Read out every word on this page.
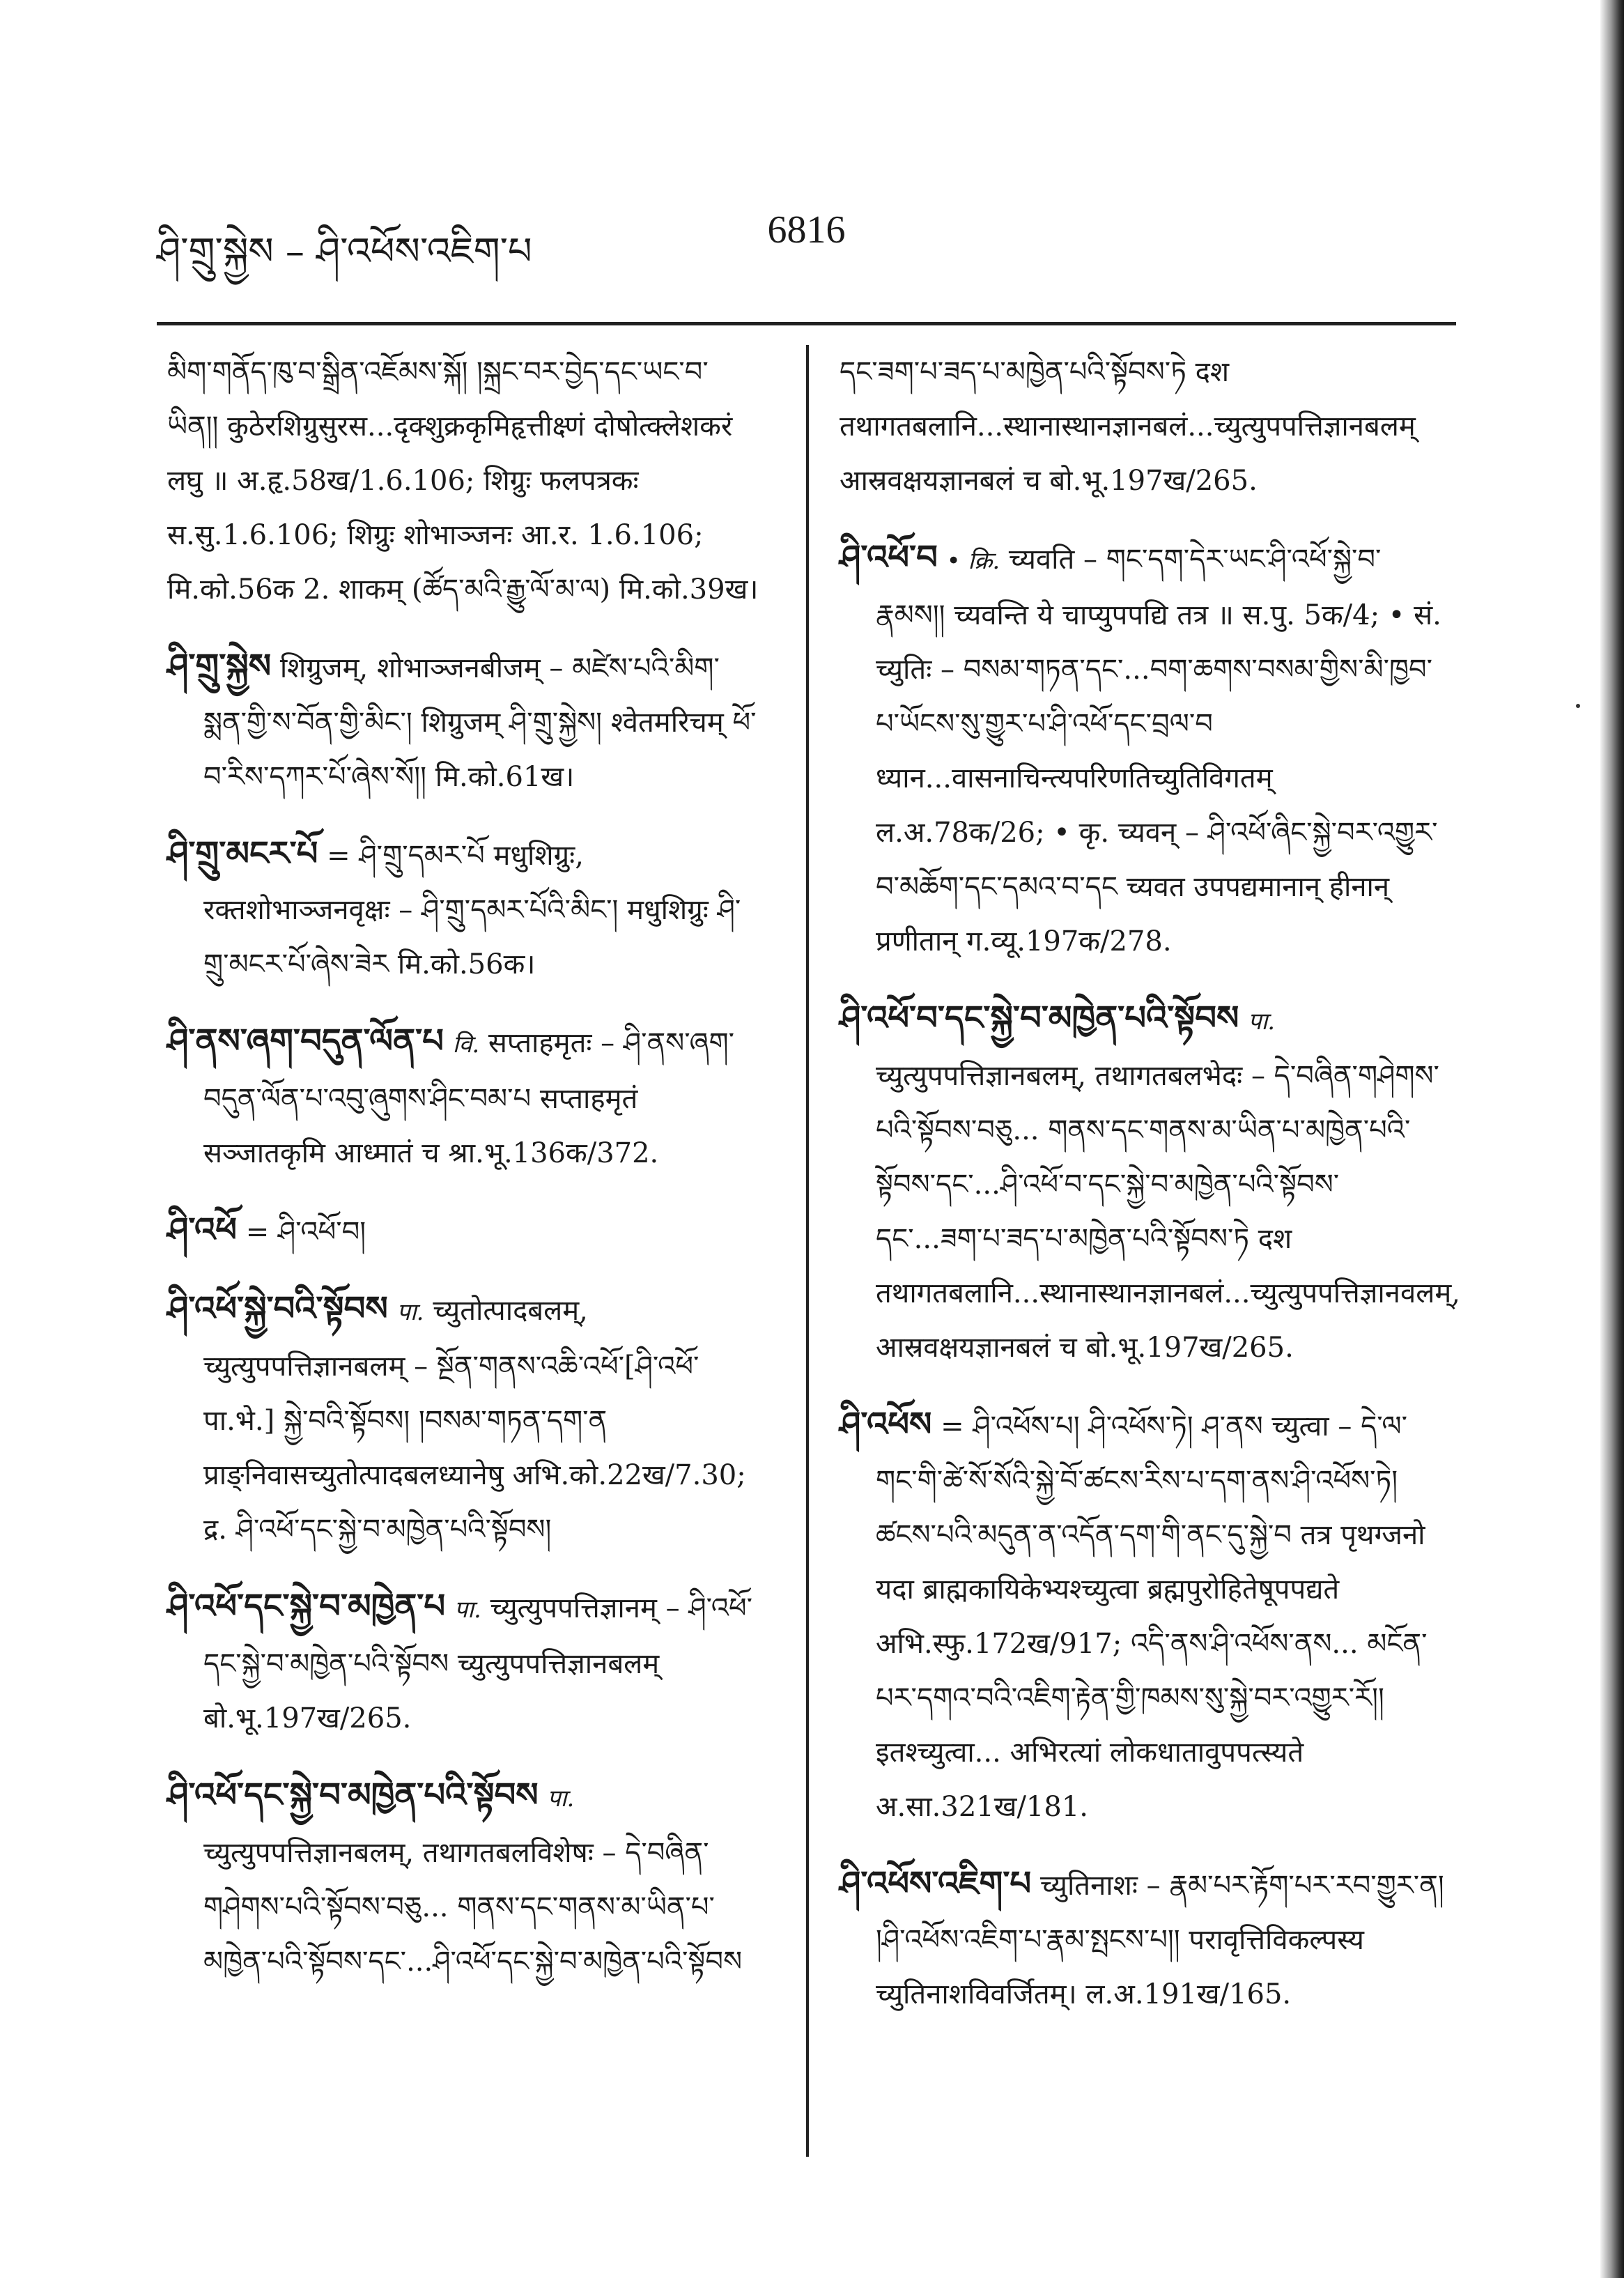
ཤི་གྲུ་སྐྱེས – ཤི་འཕོས་འཇིག་པ	6816
མིག་གནོད་ཁུ་བ་སྒྲིན་འཇོམས་སྐོ། །སྐྲང་བར་བྱེད་དང་ཡང་བ་ཡིན།། कुठेरशिग्रुसुरस...दृक्शुक्रकृमिहृत्तीक्ष्णं दोषोत्क्लेशकरं लघु ॥ अ.हृ.58ख/1.6.106; शिग्रुः फलपत्रकः स.सु.1.6.106; शिग्रुः शोभाञ्जनः आ.र. 1.6.106; मि.को.56क 2. शाकम् (ཚོད་མའི་རྒྱུ་ལོ་མ་ལ) मि.को.39ख।
ཤི་གྲུ་སྐྱེས शिग्रुजम्, शोभाञ्जनबीजम् – མཛེས་པའི་མིག་སྨན་གྱི་ས་བོན་གྱི་མིང་། शिग्रुजम् ཤི་གྲུ་སྐྱེས། श्वेतमरिचम् ཕོ་བ་རིས་དཀར་པོ་ཞེས་སོ།། मि.को.61ख।
ཤི་གྲུ་མངར་པོ = ཤི་གྲུ་དམར་པོ मधुशिग्रुः, रक्तशोभाञ्जनवृक्षः – ཤི་གྲུ་དམར་པོའི་མིང་། मधुशिग्रुः ཤི་གྲུ་མངར་པོ་ཞེས་ཟེར मि.को.56क।
ཤི་ནས་ཞག་བདུན་ལོན་པ वि. सप्ताहमृतः – ཤི་ནས་ཞག་བདུན་ལོན་པ་འབུ་ཞུགས་ཤིང་བམ་པ सप्ताहमृतं सञ्जातकृमि आध्मातं च श्रा.भू.136क/372.
ཤི་འཕོ = ཤི་འཕོ་བ།
ཤི་འཕོ་སྐྱེ་བའི་སྟོབས पा. च्युतोत्पादबलम्, च्युत्युपपत्तिज्ञानबलम् – སྔོན་གནས་འཆི་འཕོ་[ཤི་འཕོ་ पा.भे.] སྐྱེ་བའི་སྟོབས། །བསམ་གཏན་དག་ན प्राङ्निवासच्युतोत्पादबलध्यानेषु अभि.को.22ख/7.30; द्र. ཤི་འཕོ་དང་སྐྱེ་བ་མཁྱེན་པའི་སྟོབས།
ཤི་འཕོ་དང་སྐྱེ་བ་མཁྱེན་པ पा. च्युत्युपपत्तिज्ञानम् – ཤི་འཕོ་དང་སྐྱེ་བ་མཁྱེན་པའི་སྟོབས च्युत्युपपत्तिज्ञानबलम् बो.भू.197ख/265.
ཤི་འཕོ་དང་སྐྱེ་བ་མཁྱེན་པའི་སྟོབས पा. च्युत्युपपत्तिज्ञानबलम्, तथागतबलविशेषः – དེ་བཞིན་གཤེགས་པའི་སྟོབས་བཅུ... གནས་དང་གནས་མ་ཡིན་པ་མཁྱེན་པའི་སྟོབས་དང་...ཤི་འཕོ་དང་སྐྱེ་བ་མཁྱེན་པའི་སྟོབས
དང་ཟག་པ་ཟད་པ་མཁྱེན་པའི་སྟོབས་ཏེ दश तथागतबलानि...स्थानास्थानज्ञानबलं...च्युत्युपपत्तिज्ञानबलम् आस्रवक्षयज्ञानबलं च बो.भू.197ख/265.
ཤི་འཕོ་བ • क्रि. च्यवति – གང་དག་དེར་ཡང་ཤི་འཕོ་སྐྱེ་བ་རྣམས།། च्यवन्ति ये चाप्युपपद्यि तत्र ॥ स.पु. 5क/4; • सं. च्युतिः – བསམ་གཏན་དང་...བག་ཆགས་བསམ་གྱིས་མི་ཁྱབ་པ་ཡོངས་སུ་གྱུར་པ་ཤི་འཕོ་དང་བྲལ་བ ध्यान...वासनाचिन्त्यपरिणतिच्युतिविगतम् ल.अ.78क/26; • कृ. च्यवन् – ཤི་འཕོ་ཞིང་སྐྱེ་བར་འགྱུར་བ་མཆོག་དང་དམའ་བ་དང च्यवत उपपद्यमानान् हीनान् प्रणीतान् ग.व्यू.197क/278.
ཤི་འཕོ་བ་དང་སྐྱེ་བ་མཁྱེན་པའི་སྟོབས पा. च्युत्युपपत्तिज्ञानबलम्, तथागतबलभेदः – དེ་བཞིན་གཤེགས་པའི་སྟོབས་བཅུ... གནས་དང་གནས་མ་ཡིན་པ་མཁྱེན་པའི་སྟོབས་དང་...ཤི་འཕོ་བ་དང་སྐྱེ་བ་མཁྱེན་པའི་སྟོབས་དང་...ཟག་པ་ཟད་པ་མཁྱེན་པའི་སྟོབས་ཏེ दश तथागतबलानि...स्थानास्थानज्ञानबलं...च्युत्युपपत्तिज्ञानवलम्, आस्रवक्षयज्ञानबलं च बो.भू.197ख/265.
ཤི་འཕོས = ཤི་འཕོས་པ། ཤི་འཕོས་ཏེ། ཤ་ནས च्युत्वा – དེ་ལ་གང་གི་ཚེ་སོ་སོའི་སྐྱེ་བོ་ཚངས་རིས་པ་དག་ནས་ཤི་འཕོས་ཏེ། ཚངས་པའི་མདུན་ན་འདོན་དག་གི་ནང་དུ་སྐྱེ་བ तत्र पृथग्जनो यदा ब्राह्मकायिकेभ्यश्च्युत्वा ब्रह्मपुरोहितेषूपपद्यते अभि.स्फु.172ख/917; འདི་ནས་ཤི་འཕོས་ནས... མངོན་པར་དགའ་བའི་འཇིག་རྟེན་གྱི་ཁམས་སུ་སྐྱེ་བར་འགྱུར་རོ།། इतश्च्युत्वा... अभिरत्यां लोकधातावुपपत्स्यते अ.सा.321ख/181.
ཤི་འཕོས་འཇིག་པ च्युतिनाशः – རྣམ་པར་རྟོག་པར་རབ་གྱུར་ན། །ཤི་འཕོས་འཇིག་པ་རྣམ་སྤངས་པ།། परावृत्तिविकल्पस्य च्युतिनाशविवर्जितम्। ल.अ.191ख/165.
